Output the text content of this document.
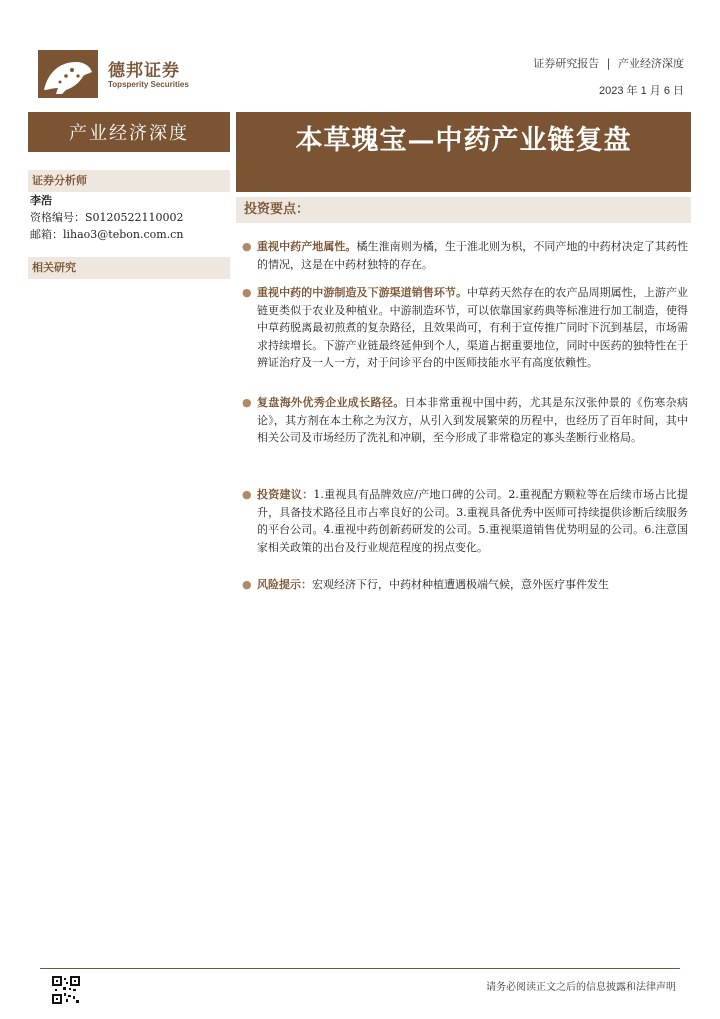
德邦证券
Topsperity Securities
证券研究报告 | 产业经济深度
2023 年 1 月 6 日
产业经济深度	本草瑰宝—中药产业链复盘
证券分析师
李浩
资格编号：S0120522110002
邮箱：lihao3@tebon.com.cn
相关研究
投资要点：
● 重视中药产地属性。橘生淮南则为橘，生于淮北则为枳，不同产地的中药材决定了其药性的情况，这是在中药材独特的存在。
● 重视中药的中游制造及下游渠道销售环节。中草药天然存在的农产品周期属性，上游产业链更类似于农业及种植业。中游制造环节，可以依靠国家药典等标准进行加工制造，使得中草药脱离最初煎煮的复杂路径，且效果尚可，有利于宣传推广同时下沉到基层，市场需求持续增长。下游产业链最终延伸到个人，渠道占据重要地位，同时中医药的独特性在于辨证治疗及一人一方，对于问诊平台的中医师技能水平有高度依赖性。
● 复盘海外优秀企业成长路径。日本非常重视中国中药，尤其是东汉张仲景的《伤寒杂病论》，其方剂在本土称之为汉方，从引入到发展繁荣的历程中，也经历了百年时间，其中相关公司及市场经历了洗礼和冲刷，至今形成了非常稳定的寡头垄断行业格局。
● 投资建议：1.重视具有品牌效应/产地口碑的公司。2.重视配方颗粒等在后续市场占比提升，具备技术路径且市占率良好的公司。3.重视具备优秀中医师可持续提供诊断后续服务的平台公司。4.重视中药创新药研发的公司。5.重视渠道销售优势明显的公司。6.注意国家相关政策的出台及行业规范程度的拐点变化。
● 风险提示：宏观经济下行，中药材种植遭遇极端气候，意外医疗事件发生
请务必阅读正文之后的信息披露和法律声明
